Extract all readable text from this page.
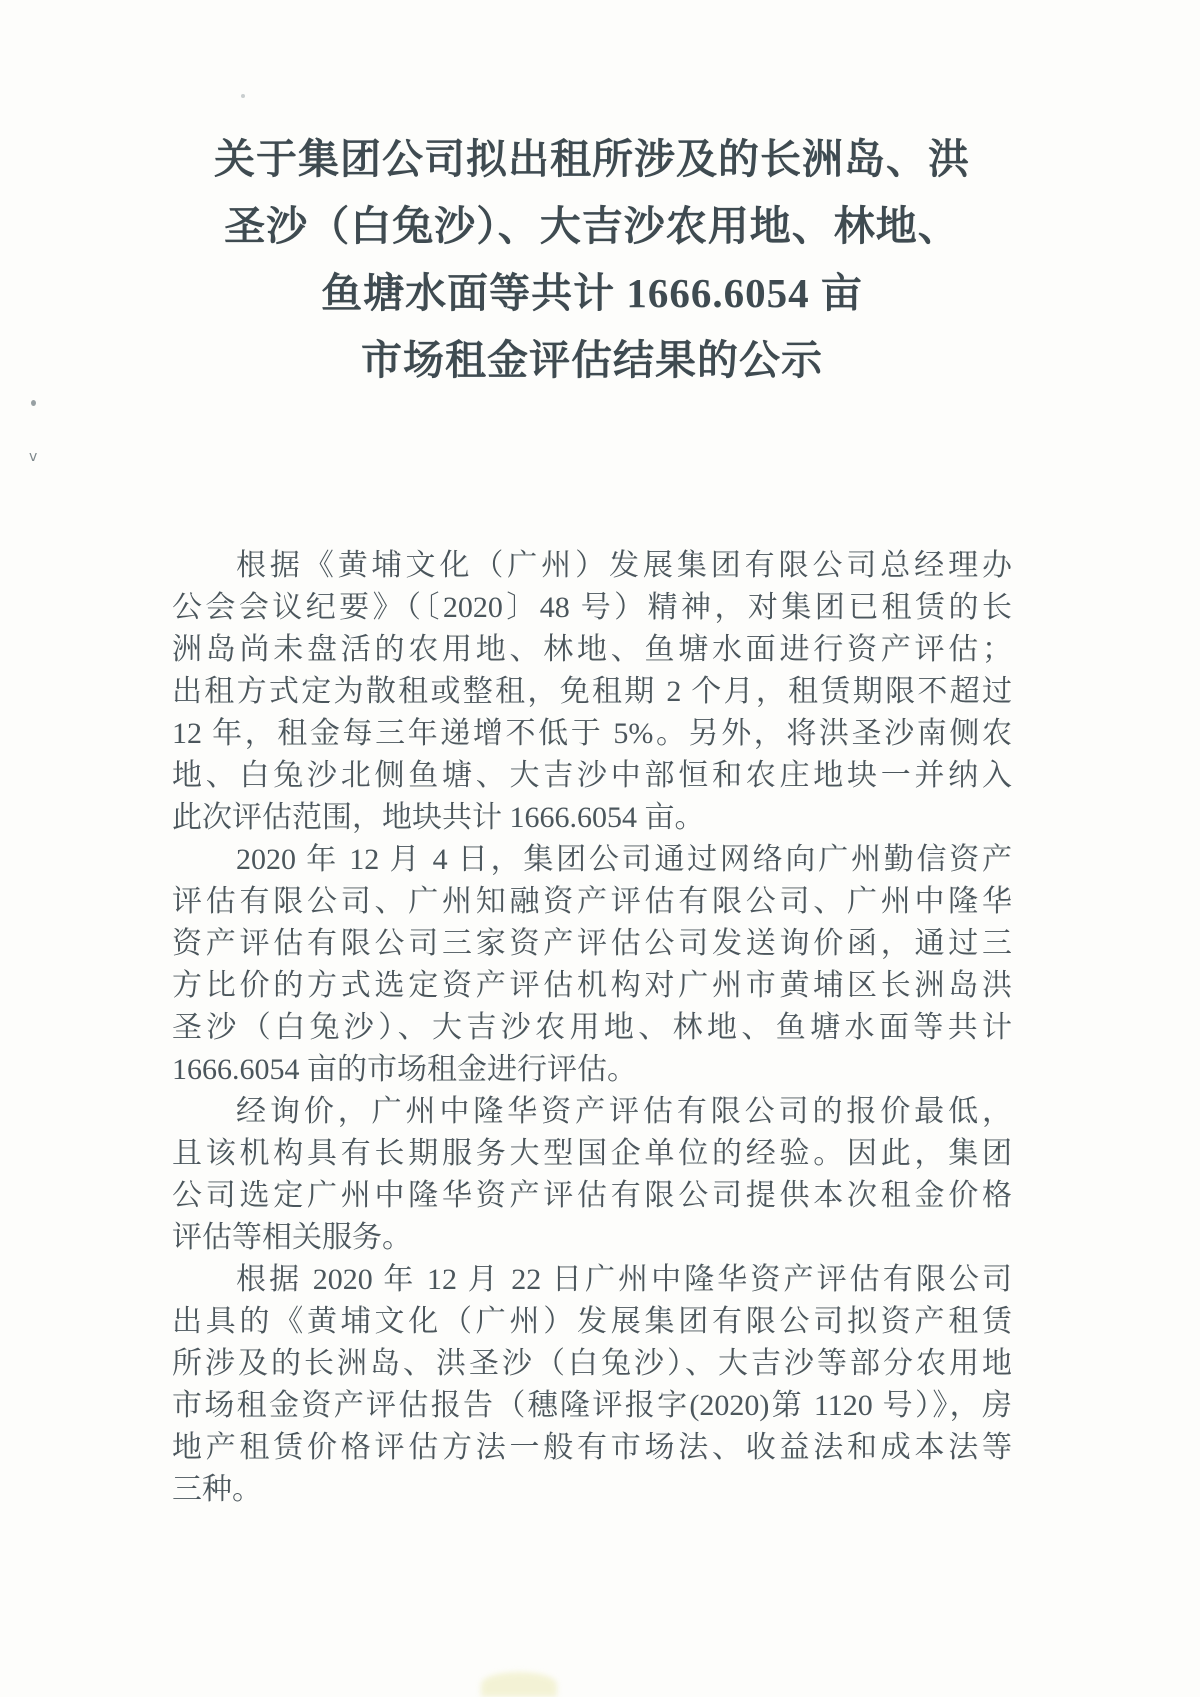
关于集团公司拟出租所涉及的长洲岛、洪
圣沙（白兔沙）、大吉沙农用地、林地、
鱼塘水面等共计 1666.6054 亩
市场租金评估结果的公示
根据《黄埔文化（广州）发展集团有限公司总经理办
公会会议纪要》（〔2020〕48 号）精神，对集团已租赁的长
洲岛尚未盘活的农用地、林地、鱼塘水面进行资产评估；
出租方式定为散租或整租，免租期 2 个月，租赁期限不超过
12 年，租金每三年递增不低于 5%。另外，将洪圣沙南侧农
地、白兔沙北侧鱼塘、大吉沙中部恒和农庄地块一并纳入
此次评估范围，地块共计 1666.6054 亩。
2020 年 12 月 4 日，集团公司通过网络向广州勤信资产
评估有限公司、广州知融资产评估有限公司、广州中隆华
资产评估有限公司三家资产评估公司发送询价函，通过三
方比价的方式选定资产评估机构对广州市黄埔区长洲岛洪
圣沙（白兔沙）、大吉沙农用地、林地、鱼塘水面等共计
1666.6054 亩的市场租金进行评估。
经询价，广州中隆华资产评估有限公司的报价最低，
且该机构具有长期服务大型国企单位的经验。因此，集团
公司选定广州中隆华资产评估有限公司提供本次租金价格
评估等相关服务。
根据 2020 年 12 月 22 日广州中隆华资产评估有限公司
出具的《黄埔文化（广州）发展集团有限公司拟资产租赁
所涉及的长洲岛、洪圣沙（白兔沙）、大吉沙等部分农用地
市场租金资产评估报告（穗隆评报字(2020)第 1120 号）》，房
地产租赁价格评估方法一般有市场法、收益法和成本法等
三种。
v
